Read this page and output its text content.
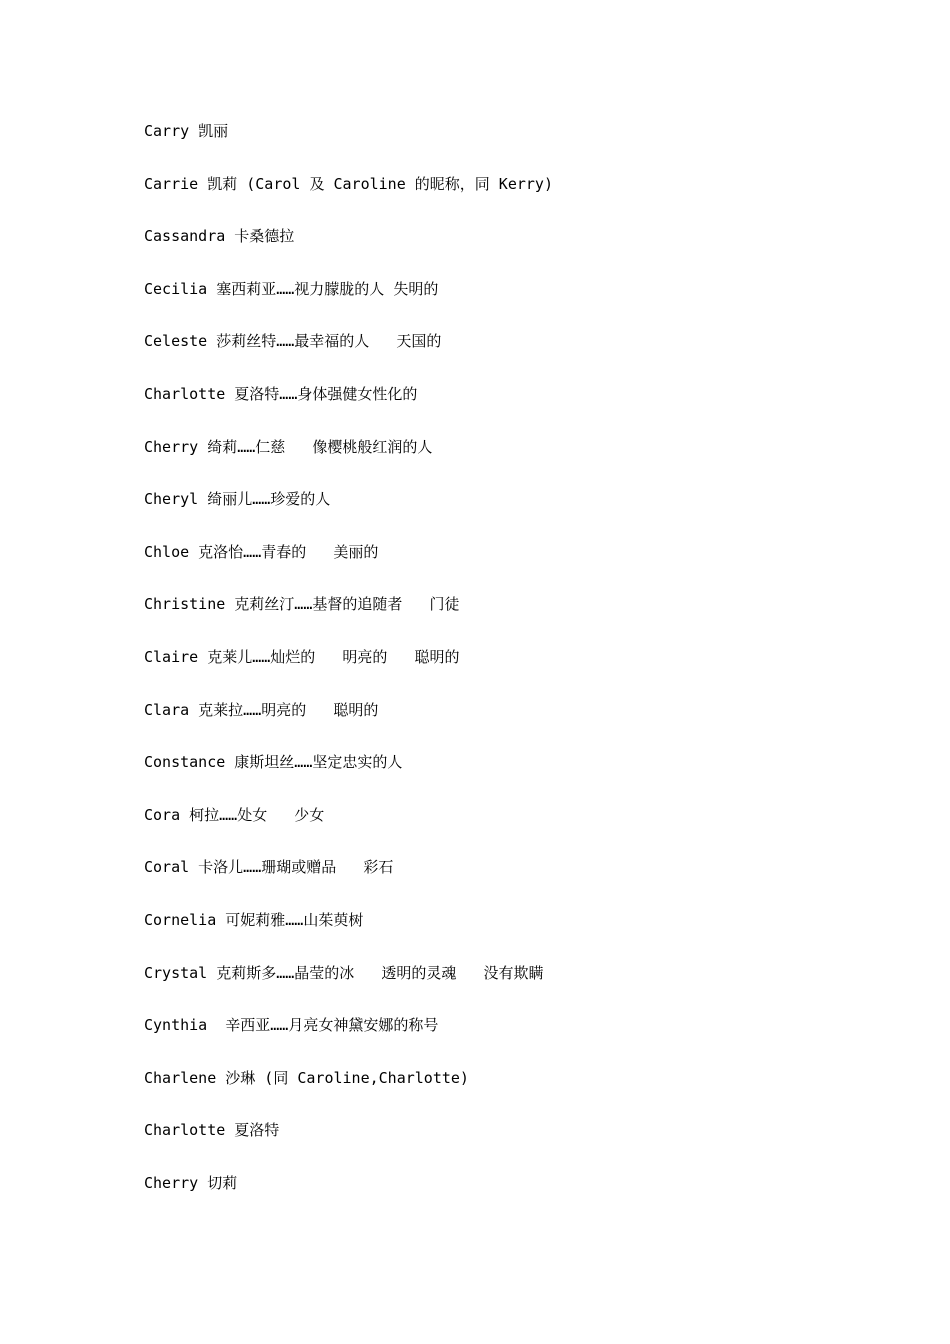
Carry 凯丽
Carrie 凯莉 (Carol 及 Caroline 的昵称，同 Kerry)
Cassandra 卡桑德拉
Cecilia 塞西莉亚……视力朦胧的人 失明的
Celeste 莎莉丝特……最幸福的人   天国的
Charlotte 夏洛特……身体强健女性化的
Cherry 绮莉……仁慈   像樱桃般红润的人
Cheryl 绮丽儿……珍爱的人
Chloe 克洛怡……青春的   美丽的
Christine 克莉丝汀……基督的追随者   门徒
Claire 克莱儿……灿烂的   明亮的   聪明的
Clara 克莱拉……明亮的   聪明的
Constance 康斯坦丝……坚定忠实的人
Cora 柯拉……处女   少女
Coral 卡洛儿……珊瑚或赠品   彩石
Cornelia 可妮莉雅……山茱萸树
Crystal 克莉斯多……晶莹的冰   透明的灵魂   没有欺瞒
Cynthia  辛西亚……月亮女神黛安娜的称号
Charlene 沙琳 (同 Caroline,Charlotte)
Charlotte 夏洛特
Cherry 切莉
